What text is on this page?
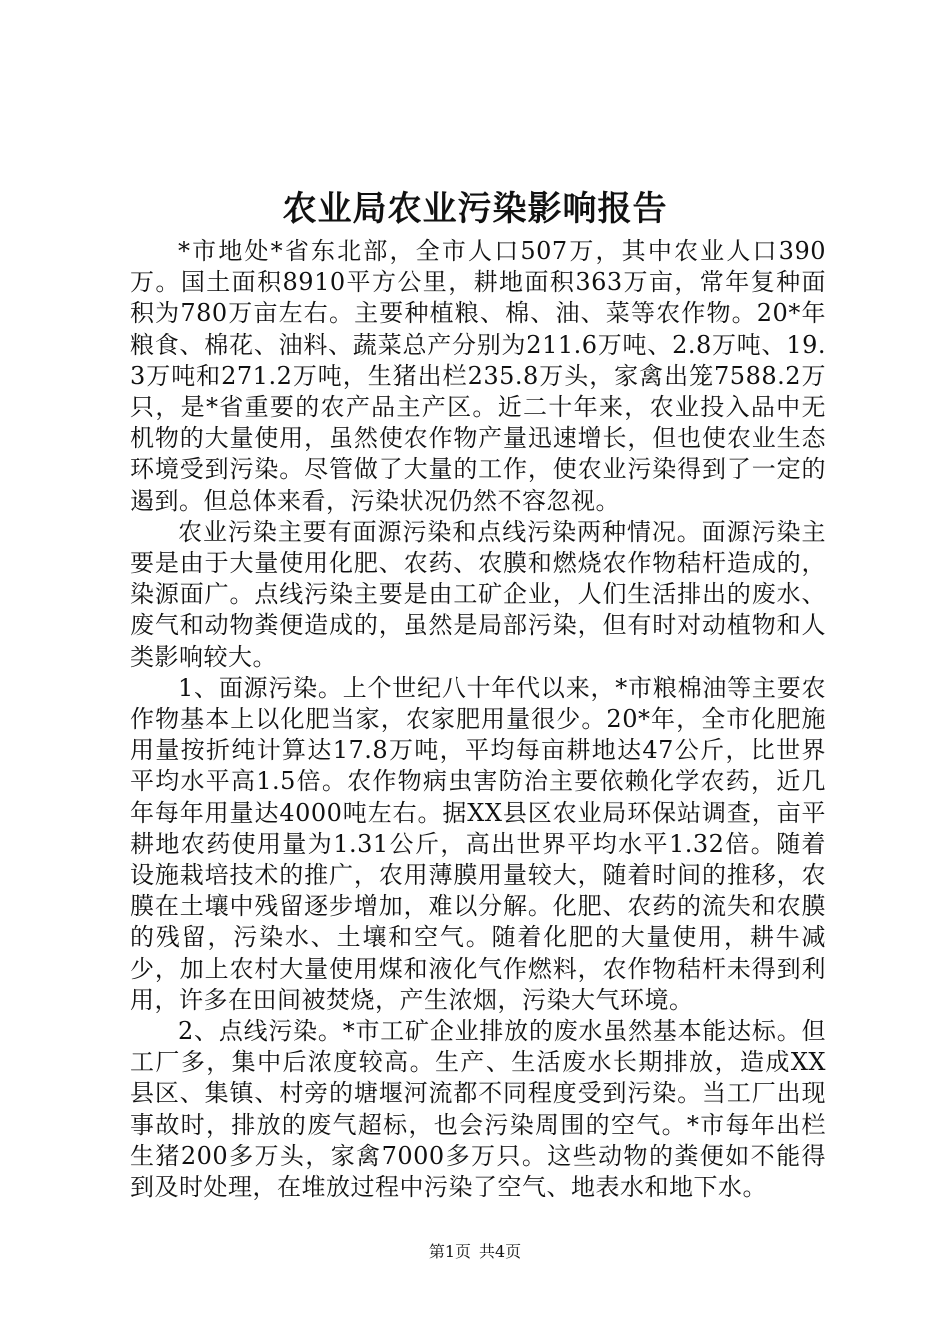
农业局农业污染影响报告

*市地处*省东北部，全市人口507万，其中农业人口390万。国土面积8910平方公里，耕地面积363万亩，常年复种面积为780万亩左右。主要种植粮、棉、油、菜等农作物。20*年粮食、棉花、油料、蔬菜总产分别为211.6万吨、2.8万吨、19.3万吨和271.2万吨，生猪出栏235.8万头，家禽出笼7588.2万只，是*省重要的农产品主产区。近二十年来，农业投入品中无机物的大量使用，虽然使农作物产量迅速增长，但也使农业生态环境受到污染。尽管做了大量的工作，使农业污染得到了一定的遏到。但总体来看，污染状况仍然不容忽视。

农业污染主要有面源污染和点线污染两种情况。面源污染主要是由于大量使用化肥、农药、农膜和燃烧农作物秸杆造成的，染源面广。点线污染主要是由工矿企业，人们生活排出的废水、废气和动物粪便造成的，虽然是局部污染，但有时对动植物和人类影响较大。

1、面源污染。上个世纪八十年代以来，*市粮棉油等主要农作物基本上以化肥当家，农家肥用量很少。20*年，全市化肥施用量按折纯计算达17.8万吨，平均每亩耕地达47公斤，比世界平均水平高1.5倍。农作物病虫害防治主要依赖化学农药，近几年每年用量达4000吨左右。据XX县区农业局环保站调查，亩平耕地农药使用量为1.31公斤，高出世界平均水平1.32倍。随着设施栽培技术的推广，农用薄膜用量较大，随着时间的推移，农膜在土壤中残留逐步增加，难以分解。化肥、农药的流失和农膜的残留，污染水、土壤和空气。随着化肥的大量使用，耕牛减少，加上农村大量使用煤和液化气作燃料，农作物秸杆未得到利用，许多在田间被焚烧，产生浓烟，污染大气环境。

2、点线污染。*市工矿企业排放的废水虽然基本能达标。但工厂多，集中后浓度较高。生产、生活废水长期排放，造成XX县区、集镇、村旁的塘堰河流都不同程度受到污染。当工厂出现事故时，排放的废气超标，也会污染周围的空气。*市每年出栏生猪200多万头，家禽7000多万只。这些动物的粪便如不能得到及时处理，在堆放过程中污染了空气、地表水和地下水。

第1页 共4页
